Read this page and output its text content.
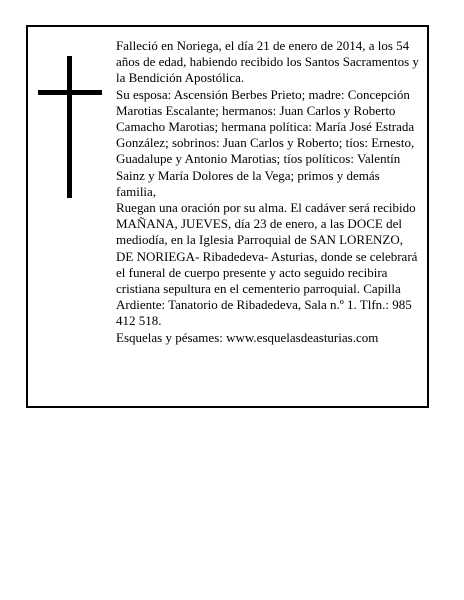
Falleció en Noriega, el día 21 de enero de 2014, a los 54 años de edad, habiendo recibido los Santos Sacramentos y la Bendición Apostólica.

Su esposa: Ascensión Berbes Prieto; madre: Concepción Marotias Escalante; hermanos: Juan Carlos y Roberto Camacho Marotias; hermana política: María José Estrada González; sobrinos: Juan Carlos y Roberto; tíos: Ernesto, Guadalupe y Antonio Marotias; tíos políticos: Valentín Sainz y María Dolores de la Vega; primos y demás familia,

Ruegan una oración por su alma. El cadáver será recibido MAÑANA, JUEVES, día 23 de enero, a las DOCE del mediodía, en la Iglesia Parroquial de SAN LORENZO, DE NORIEGA- Ribadedeva- Asturias, donde se celebrará el funeral de cuerpo presente y acto seguido recibira cristiana sepultura en el cementerio parroquial. Capilla Ardiente: Tanatorio de Ribadedeva, Sala n.º 1. Tlfn.: 985 412 518.

Esquelas y pésames: www.esquelasdeasturias.com
